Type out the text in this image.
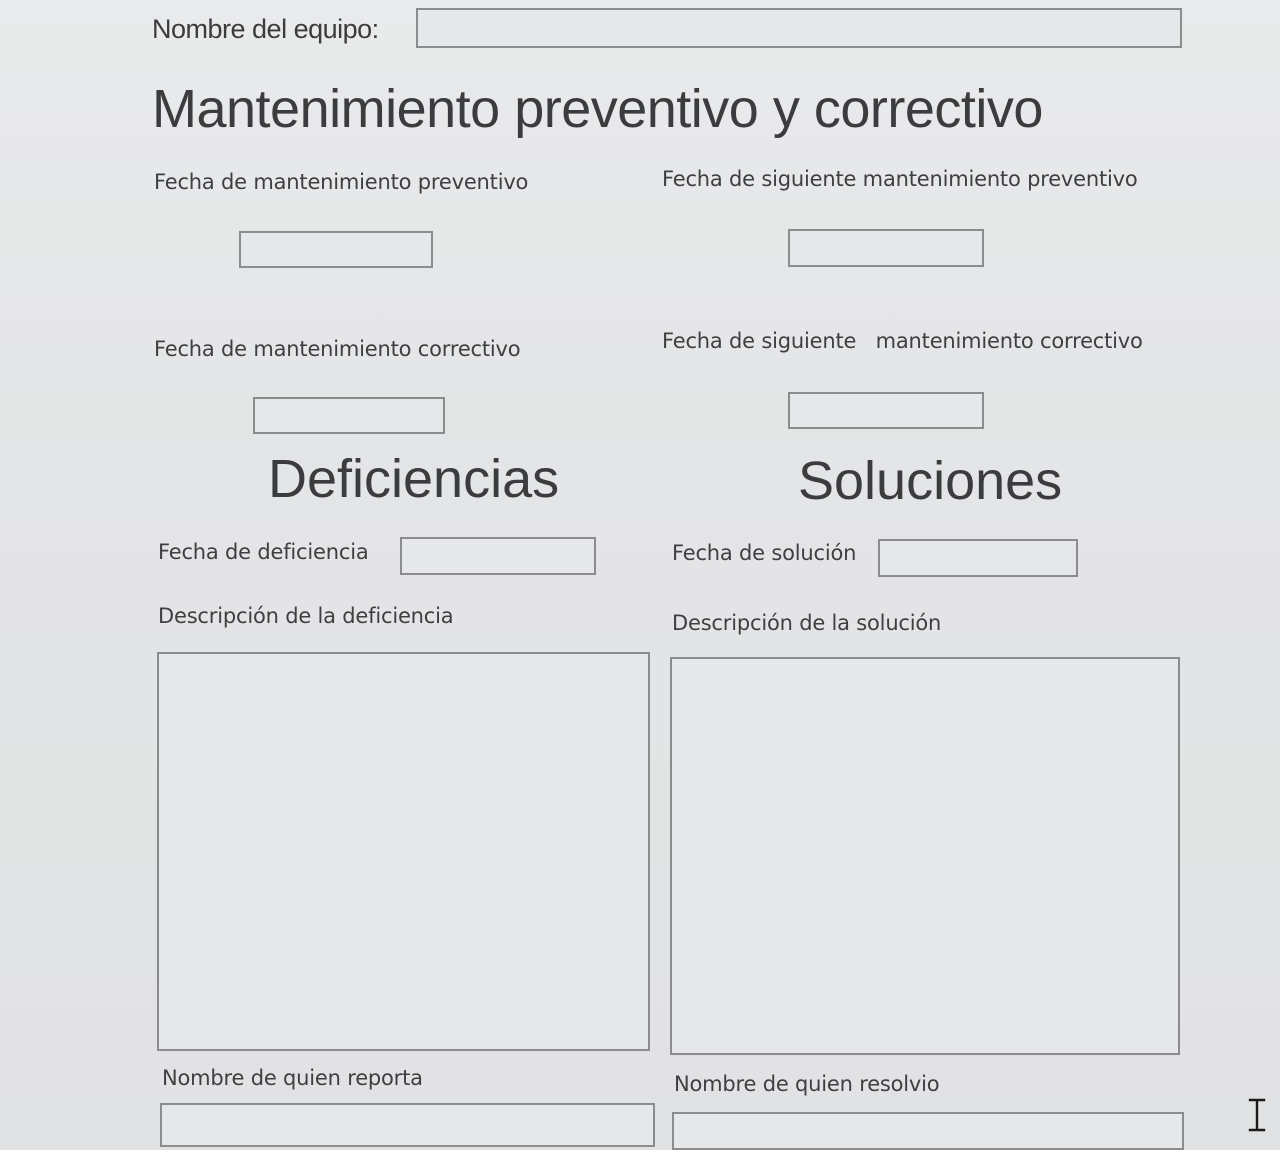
Nombre del equipo:
Mantenimiento preventivo y correctivo
Fecha de mantenimiento preventivo	Fecha de siguiente mantenimiento preventivo
Fecha de mantenimiento correctivo	Fecha de siguiente   mantenimiento correctivo
Deficiencias	Soluciones
Fecha de deficiencia	Fecha de solución
Descripción de la deficiencia	Descripción de la solución
Nombre de quien reporta	Nombre de quien resolvio
